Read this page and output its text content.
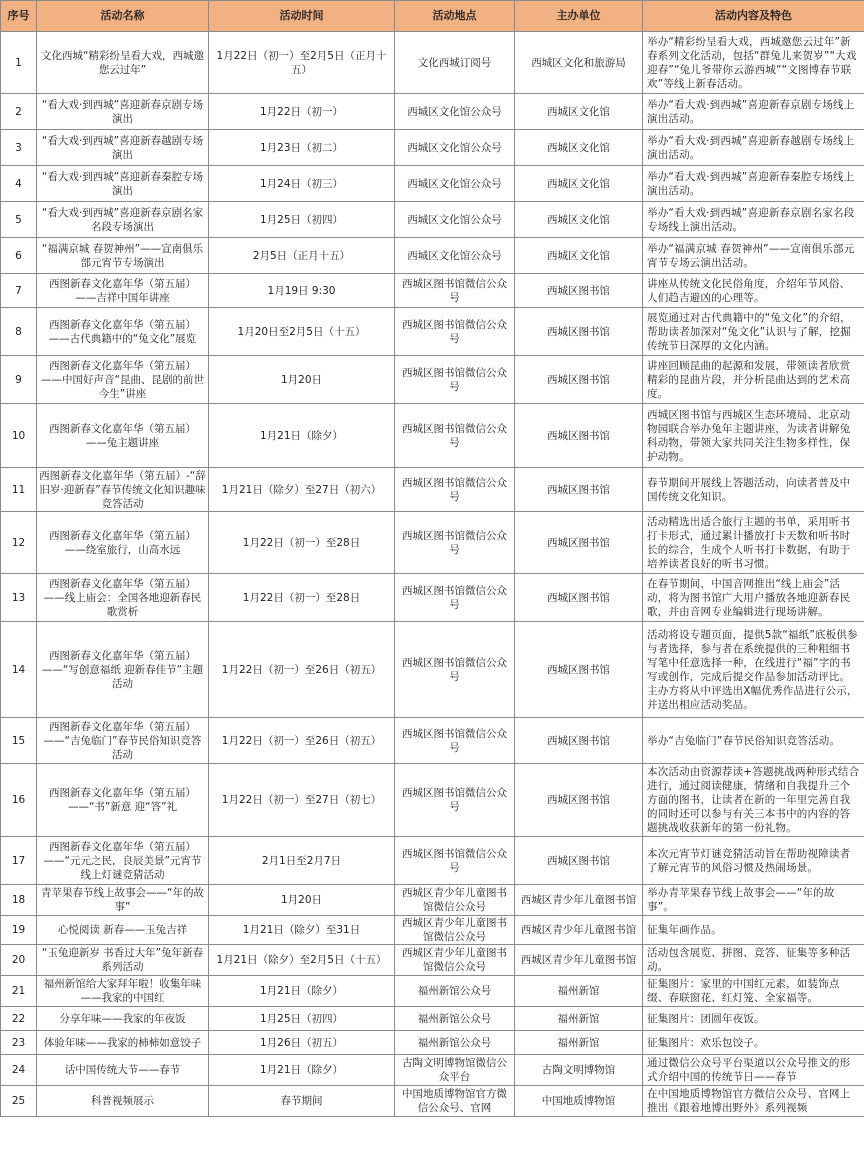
序号	活动名称	活动时间	活动地点	主办单位	活动内容及特色
1	文化西城“精彩纷呈看大戏，西城邀您云过年”	1月22日（初一）至2月5日（正月十五）	文化西城订阅号	西城区文化和旅游局	举办“精彩纷呈看大戏，西城邀您云过年”新春系列文化活动，包括“群兔儿来贺岁”“大戏迎春”“兔儿爷带你云游西城”“文图博春节联欢”等线上新春活动。
2	“看大戏·到西城”喜迎新春京剧专场演出	1月22日（初一）	西城区文化馆公众号	西城区文化馆	举办“看大戏·到西城”喜迎新春京剧专场线上演出活动。
3	“看大戏·到西城”喜迎新春越剧专场演出	1月23日（初二）	西城区文化馆公众号	西城区文化馆	举办“看大戏·到西城”喜迎新春越剧专场线上演出活动。
4	“看大戏·到西城”喜迎新春秦腔专场演出	1月24日（初三）	西城区文化馆公众号	西城区文化馆	举办“看大戏·到西城”喜迎新春秦腔专场线上演出活动。
5	“看大戏·到西城”喜迎新春京剧名家名段专场演出	1月25日（初四）	西城区文化馆公众号	西城区文化馆	举办“看大戏·到西城”喜迎新春京剧名家名段专场线上演出活动。
6	“福满京城 春贺神州”——宣南俱乐部元宵节专场演出	2月5日（正月十五）	西城区文化馆公众号	西城区文化馆	举办“福满京城 春贺神州”——宣南俱乐部元宵节专场云演出活动。
7	西图新春文化嘉年华（第五届）——吉祥中国年讲座	1月19日 9:30	西城区图书馆微信公众号	西城区图书馆	讲座从传统文化民俗角度，介绍年节风俗、人们趋吉避凶的心理等。
8	西图新春文化嘉年华（第五届）——古代典籍中的“兔文化”展览	1月20日至2月5日（十五）	西城区图书馆微信公众号	西城区图书馆	展览通过对古代典籍中的“兔文化”的介绍，帮助读者加深对“兔文化”认识与了解，挖掘传统节日深厚的文化内涵。
9	西图新春文化嘉年华（第五届）——中国好声音“昆曲、昆剧的前世今生”讲座	1月20日	西城区图书馆微信公众号	西城区图书馆	讲座回顾昆曲的起源和发展，带领读者欣赏精彩的昆曲片段，并分析昆曲达到的艺术高度。
10	西图新春文化嘉年华（第五届）——兔主题讲座	1月21日（除夕）	西城区图书馆微信公众号	西城区图书馆	西城区图书馆与西城区生态环境局、北京动物园联合举办兔年主题讲座，为读者讲解兔科动物，带领大家共同关注生物多样性，保护动物。
11	西图新春文化嘉年华（第五届）-“辞旧岁·迎新春”春节传统文化知识趣味竞答活动	1月21日（除夕）至27日（初六）	西城区图书馆微信公众号	西城区图书馆	春节期间开展线上答题活动，向读者普及中国传统文化知识。
12	西图新春文化嘉年华（第五届）——绕室旅行，山高水远	1月22日（初一）至28日	西城区图书馆微信公众号	西城区图书馆	活动精选出适合旅行主题的书单，采用听书打卡形式，通过累计播放打卡天数和听书时长的综合，生成个人听书打卡数据，有助于培养读者良好的听书习惯。
13	西图新春文化嘉年华（第五届）——线上庙会：全国各地迎新春民歌赏析	1月22日（初一）至28日	西城区图书馆微信公众号	西城区图书馆	在春节期间，中国音网推出“线上庙会”活动，将为图书馆广大用户播放各地迎新春民歌，并由音网专业编辑进行现场讲解。
14	西图新春文化嘉年华（第五届）——“写创意福纸 迎新春佳节”主题活动	1月22日（初一）至26日（初五）	西城区图书馆微信公众号	西城区图书馆	活动将设专题页面，提供5款“福纸”底板供参与者选择，参与者在系统提供的三种粗细书写笔中任意选择一种，在线进行“福”字的书写或创作，完成后提交作品参加活动评比。主办方将从中评选出X幅优秀作品进行公示，并送出相应活动奖品。
15	西图新春文化嘉年华（第五届）——“吉兔临门”春节民俗知识竞答活动	1月22日（初一）至26日（初五）	西城区图书馆微信公众号	西城区图书馆	举办“吉兔临门”春节民俗知识竞答活动。
16	西图新春文化嘉年华（第五届）——“书”新意 迎“答”礼	1月22日（初一）至27日（初七）	西城区图书馆微信公众号	西城区图书馆	本次活动由资源荐读+答题挑战两种形式结合进行，通过阅读健康，情绪和自我提升三个方面的图书，让读者在新的一年里完善自我的同时还可以参与有关三本书中的内容的答题挑战收获新年的第一份礼物。
17	西图新春文化嘉年华（第五届）——“元元之民，良辰美景”元宵节线上灯谜竞猜活动	2月1日至2月7日	西城区图书馆微信公众号	西城区图书馆	本次元宵节灯谜竞猜活动旨在帮助视障读者了解元宵节的风俗习惯及热闹场景。
18	青苹果春节线上故事会——“年的故事”	1月20日	西城区青少年儿童图书馆微信公众号	西城区青少年儿童图书馆	举办青苹果春节线上故事会——“年的故事”。
19	心悦阅读 新春——玉兔吉祥	1月21日（除夕）至31日	西城区青少年儿童图书馆微信公众号	西城区青少年儿童图书馆	征集年画作品。
20	“玉兔迎新岁 书香过大年”兔年新春系列活动	1月21日（除夕）至2月5日（十五）	西城区青少年儿童图书馆微信公众号	西城区青少年儿童图书馆	活动包含展览、拼图、竞答、征集等多种活动。
21	福州新馆给大家拜年啦！收集年味——我家的中国红	1月21日（除夕）	福州新馆公众号	福州新馆	征集图片：家里的中国红元素，如装饰点缀、春联窗花、红灯笼、全家福等。
22	分享年味——我家的年夜饭	1月25日（初四）	福州新馆公众号	福州新馆	征集图片：团圆年夜饭。
23	体验年味——我家的柿柿如意饺子	1月26日（初五）	福州新馆公众号	福州新馆	征集图片：欢乐包饺子。
24	话中国传统大节——春节	1月21日（除夕）	古陶文明博物馆微信公众平台	古陶文明博物馆	通过微信公众号平台渠道以公众号推文的形式介绍中国的传统节日——春节
25	科普视频展示	春节期间	中国地质博物馆官方微信公众号、官网	中国地质博物馆	在中国地质博物馆官方微信公众号、官网上推出《跟着地博出野外》系列视频
